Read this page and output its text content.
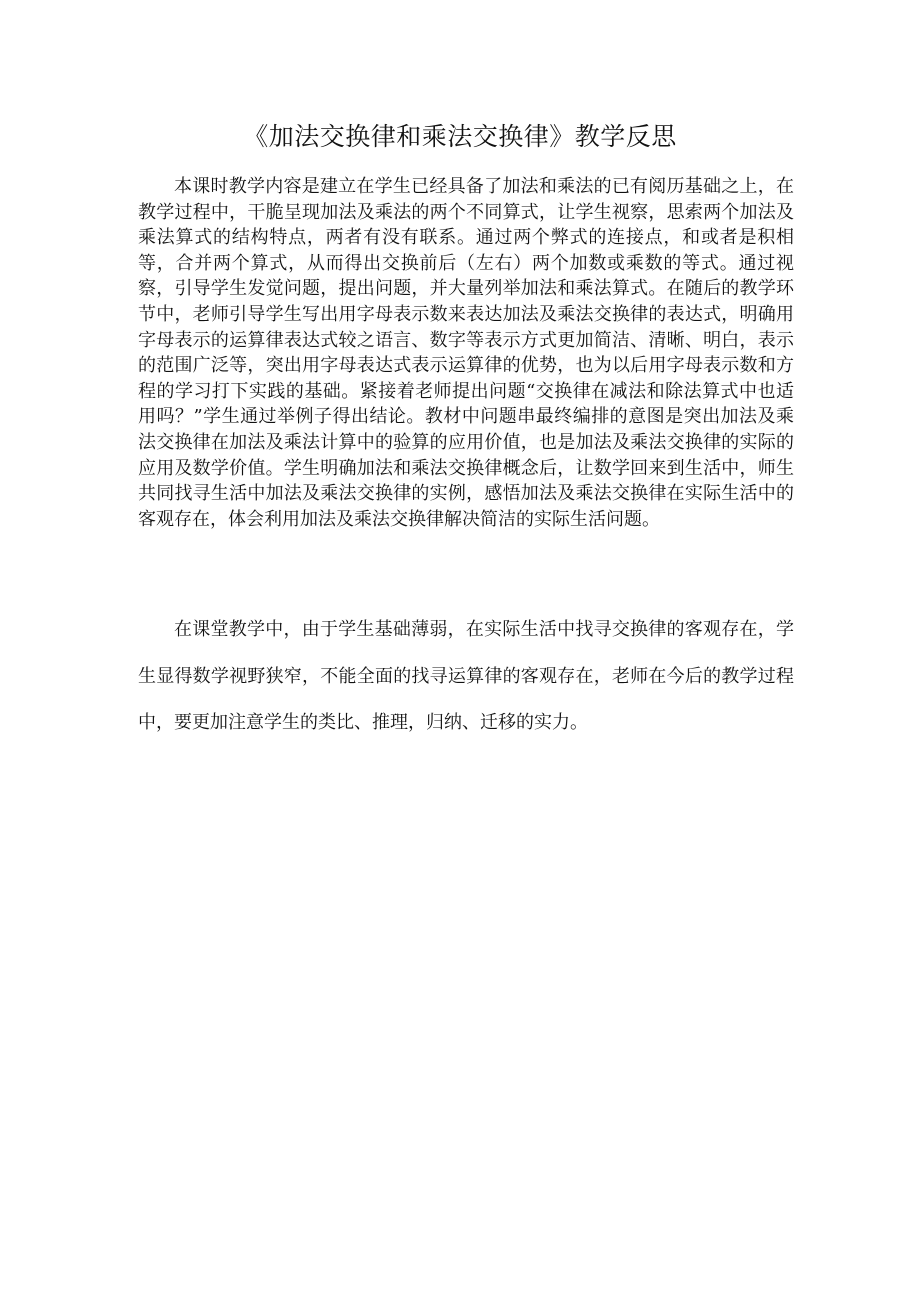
《加法交换律和乘法交换律》教学反思

本课时教学内容是建立在学生已经具备了加法和乘法的已有阅历基础之上，在教学过程中，干脆呈现加法及乘法的两个不同算式，让学生视察，思索两个加法及乘法算式的结构特点，两者有没有联系。通过两个弊式的连接点，和或者是积相等，合并两个算式，从而得出交换前后（左右）两个加数或乘数的等式。通过视察，引导学生发觉问题，提出问题，并大量列举加法和乘法算式。在随后的教学环节中，老师引导学生写出用字母表示数来表达加法及乘法交换律的表达式，明确用字母表示的运算律表达式较之语言、数字等表示方式更加简洁、清晰、明白，表示的范围广泛等，突出用字母表达式表示运算律的优势，也为以后用字母表示数和方程的学习打下实践的基础。紧接着老师提出问题“交换律在减法和除法算式中也适用吗？”学生通过举例子得出结论。教材中问题串最终编排的意图是突出加法及乘法交换律在加法及乘法计算中的验算的应用价值，也是加法及乘法交换律的实际的应用及数学价值。学生明确加法和乘法交换律概念后，让数学回来到生活中，师生共同找寻生活中加法及乘法交换律的实例，感悟加法及乘法交换律在实际生活中的客观存在，体会利用加法及乘法交换律解决简洁的实际生活问题。

在课堂教学中，由于学生基础薄弱，在实际生活中找寻交换律的客观存在，学生显得数学视野狭窄，不能全面的找寻运算律的客观存在，老师在今后的教学过程中，要更加注意学生的类比、推理，归纳、迁移的实力。
